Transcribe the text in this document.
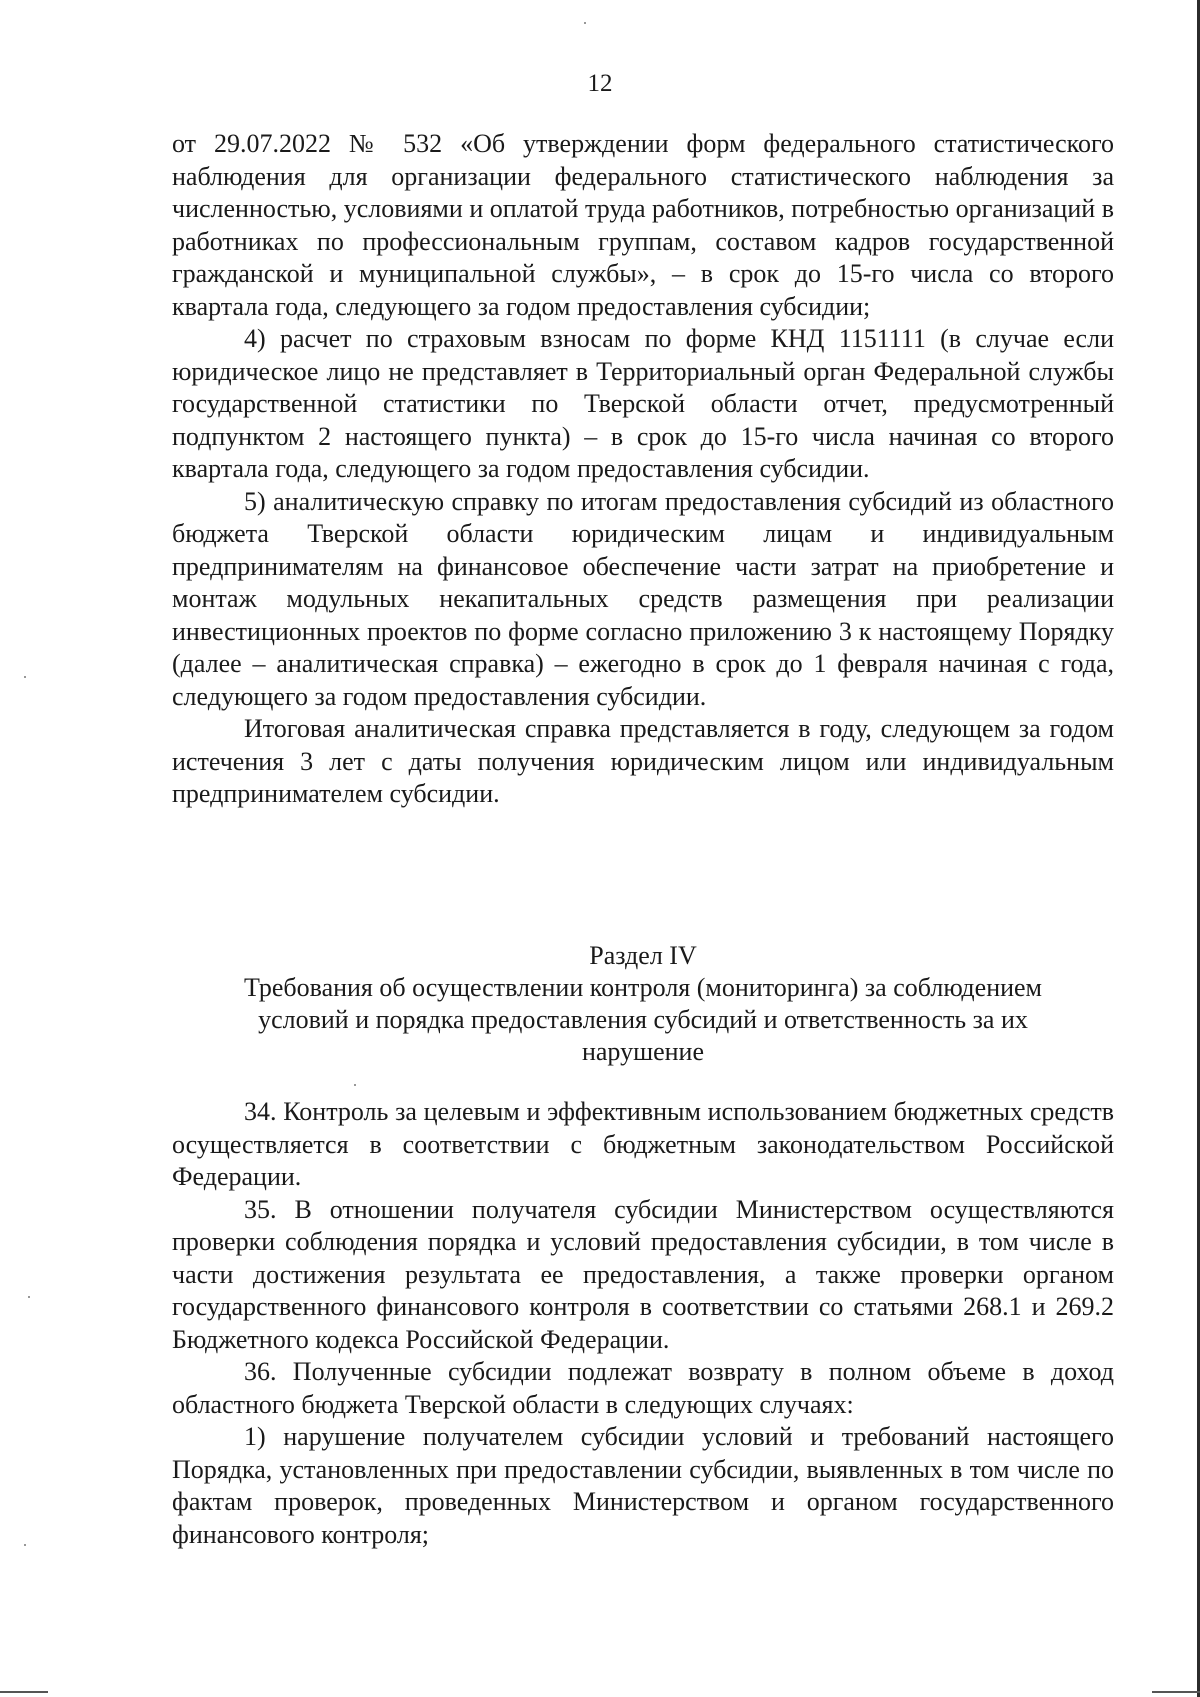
12

от 29.07.2022 № 532 «Об утверждении форм федерального статистического наблюдения для организации федерального статистического наблюдения за численностью, условиями и оплатой труда работников, потребностью организаций в работниках по профессиональным группам, составом кадров государственной гражданской и муниципальной службы», – в срок до 15-го числа со второго квартала года, следующего за годом предоставления субсидии;

4) расчет по страховым взносам по форме КНД 1151111 (в случае если юридическое лицо не представляет в Территориальный орган Федеральной службы государственной статистики по Тверской области отчет, предусмотренный подпунктом 2 настоящего пункта) – в срок до 15-го числа начиная со второго квартала года, следующего за годом предоставления субсидии.

5) аналитическую справку по итогам предоставления субсидий из областного бюджета Тверской области юридическим лицам и индивидуальным предпринимателям на финансовое обеспечение части затрат на приобретение и монтаж модульных некапитальных средств размещения при реализации инвестиционных проектов по форме согласно приложению 3 к настоящему Порядку (далее – аналитическая справка) – ежегодно в срок до 1 февраля начиная с года, следующего за годом предоставления субсидии.

Итоговая аналитическая справка представляется в году, следующем за годом истечения 3 лет с даты получения юридическим лицом или индивидуальным предпринимателем субсидии.

Раздел IV
Требования об осуществлении контроля (мониторинга) за соблюдением
условий и порядка предоставления субсидий и ответственность за их
нарушение

34. Контроль за целевым и эффективным использованием бюджетных средств осуществляется в соответствии с бюджетным законодательством Российской Федерации.

35. В отношении получателя субсидии Министерством осуществляются проверки соблюдения порядка и условий предоставления субсидии, в том числе в части достижения результата ее предоставления, а также проверки органом государственного финансового контроля в соответствии со статьями 268.1 и 269.2 Бюджетного кодекса Российской Федерации.

36. Полученные субсидии подлежат возврату в полном объеме в доход областного бюджета Тверской области в следующих случаях:

1) нарушение получателем субсидии условий и требований настоящего Порядка, установленных при предоставлении субсидии, выявленных в том числе по фактам проверок, проведенных Министерством и органом государственного финансового контроля;
